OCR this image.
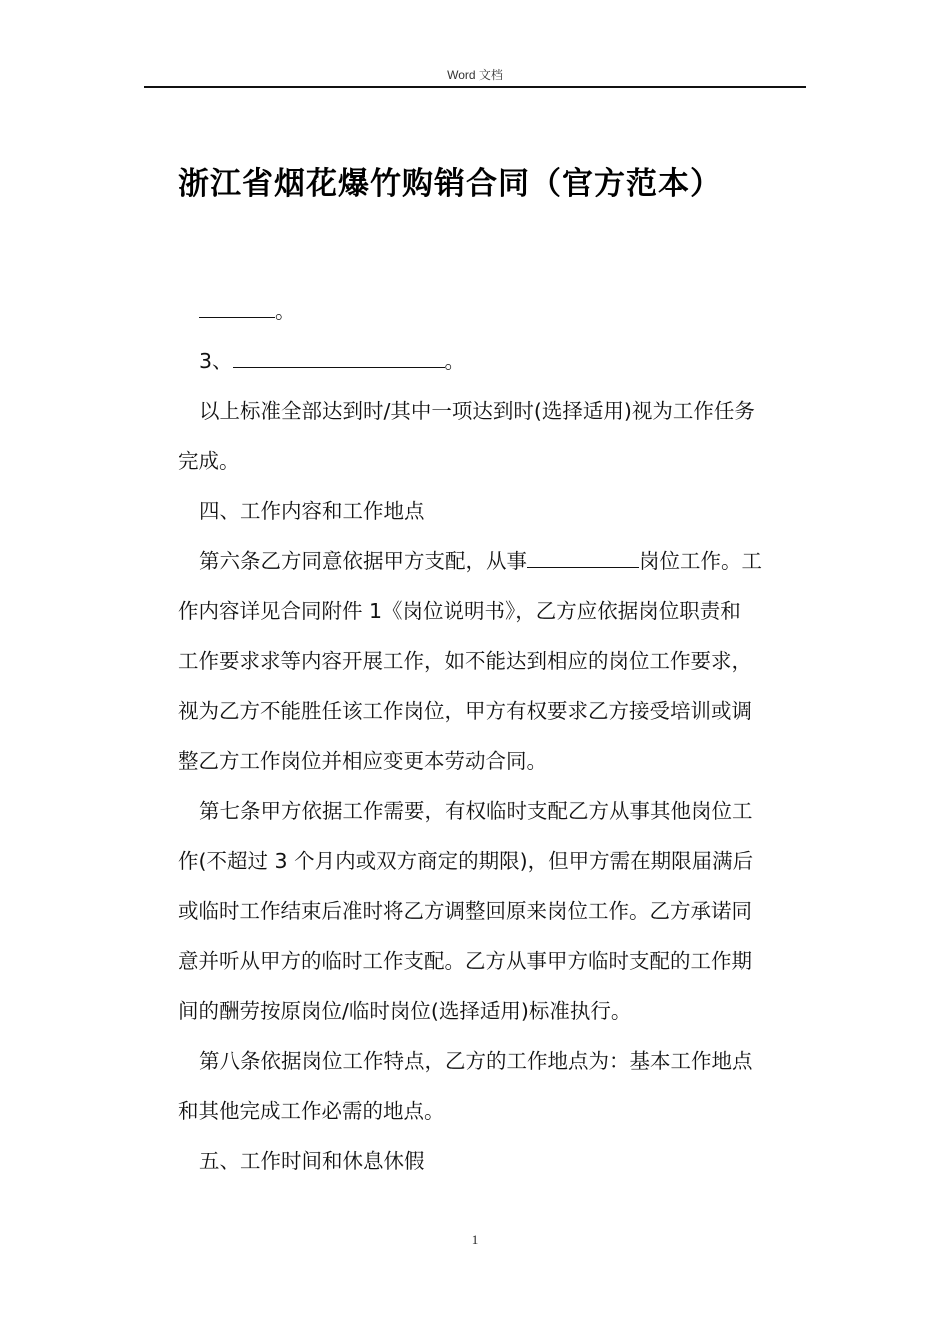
Word 文档
浙江省烟花爆竹购销合同（官方范本）

。

3、	。

以上标准全部达到时/其中一项达到时(选择适用)视为工作任务

完成。

四、工作内容和工作地点

第六条乙方同意依据甲方支配，从事	岗位工作。工

作内容详见合同附件 1《岗位说明书》，乙方应依据岗位职责和

工作要求求等内容开展工作，如不能达到相应的岗位工作要求，

视为乙方不能胜任该工作岗位，甲方有权要求乙方接受培训或调

整乙方工作岗位并相应变更本劳动合同。

第七条甲方依据工作需要，有权临时支配乙方从事其他岗位工

作(不超过 3 个月内或双方商定的期限)，但甲方需在期限届满后

或临时工作结束后准时将乙方调整回原来岗位工作。乙方承诺同

意并听从甲方的临时工作支配。乙方从事甲方临时支配的工作期

间的酬劳按原岗位/临时岗位(选择适用)标准执行。

第八条依据岗位工作特点，乙方的工作地点为：基本工作地点

和其他完成工作必需的地点。

五、工作时间和休息休假

1
